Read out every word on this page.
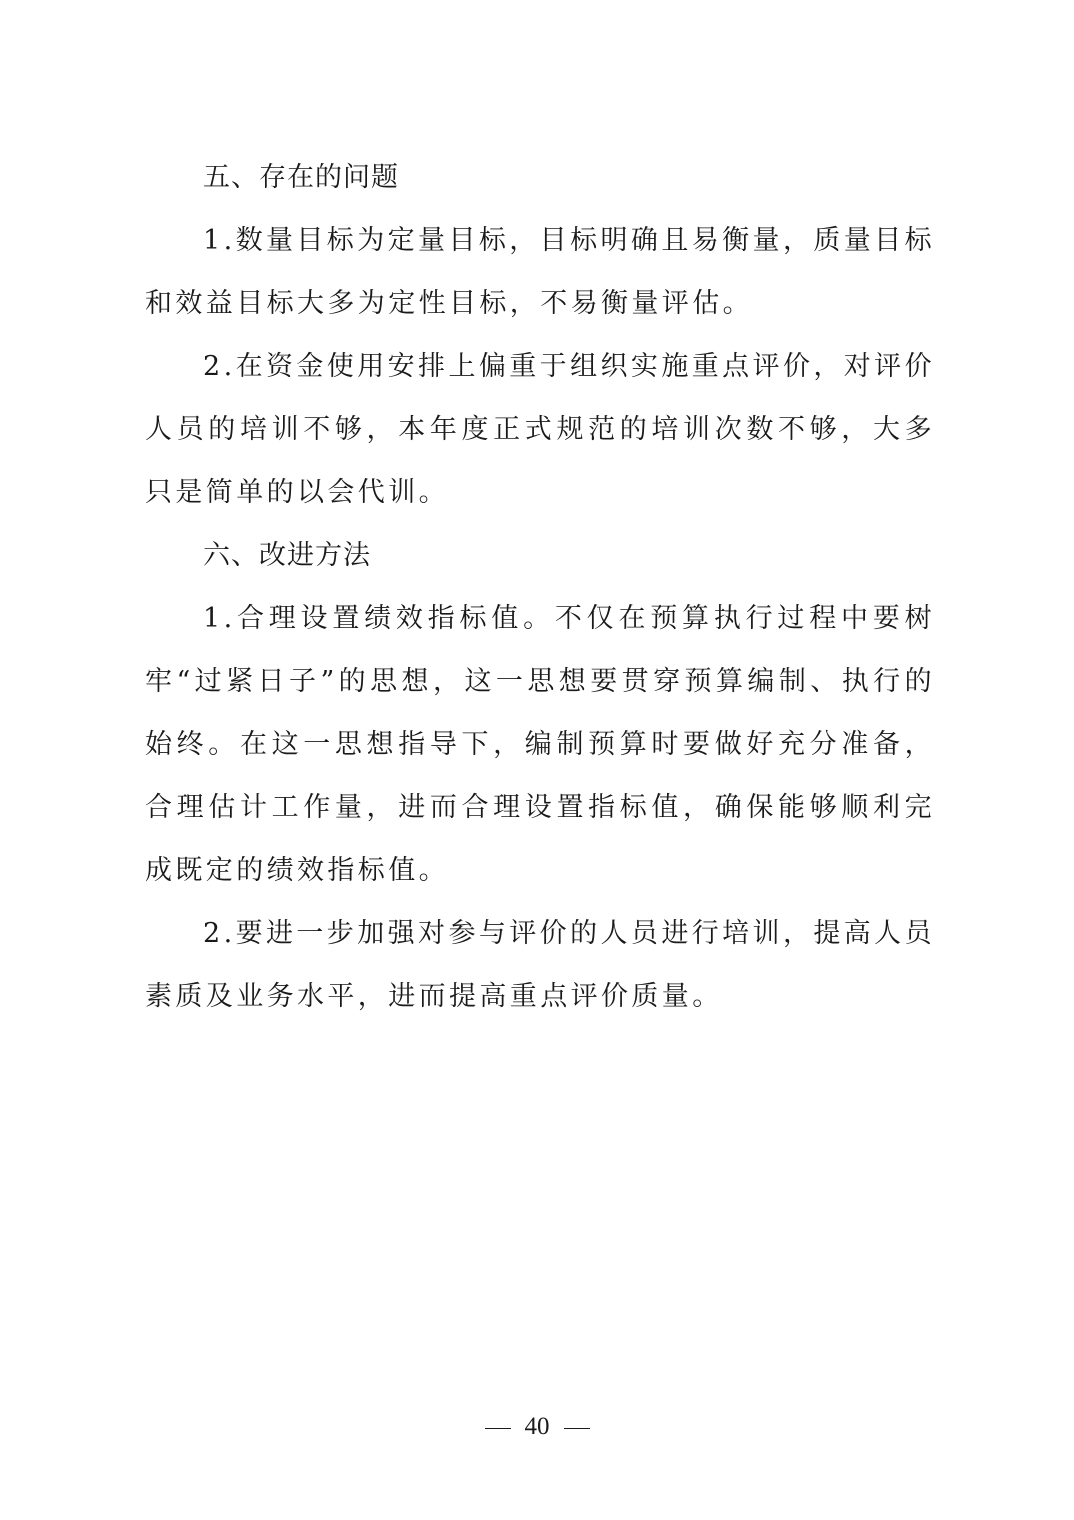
五、存在的问题

1.数量目标为定量目标，目标明确且易衡量，质量目标和效益目标大多为定性目标，不易衡量评估。

2.在资金使用安排上偏重于组织实施重点评价，对评价人员的培训不够，本年度正式规范的培训次数不够，大多只是简单的以会代训。

六、改进方法

1.合理设置绩效指标值。不仅在预算执行过程中要树牢“过紧日子”的思想，这一思想要贯穿预算编制、执行的始终。在这一思想指导下，编制预算时要做好充分准备，合理估计工作量，进而合理设置指标值，确保能够顺利完成既定的绩效指标值。

2.要进一步加强对参与评价的人员进行培训，提高人员素质及业务水平，进而提高重点评价质量。

40
